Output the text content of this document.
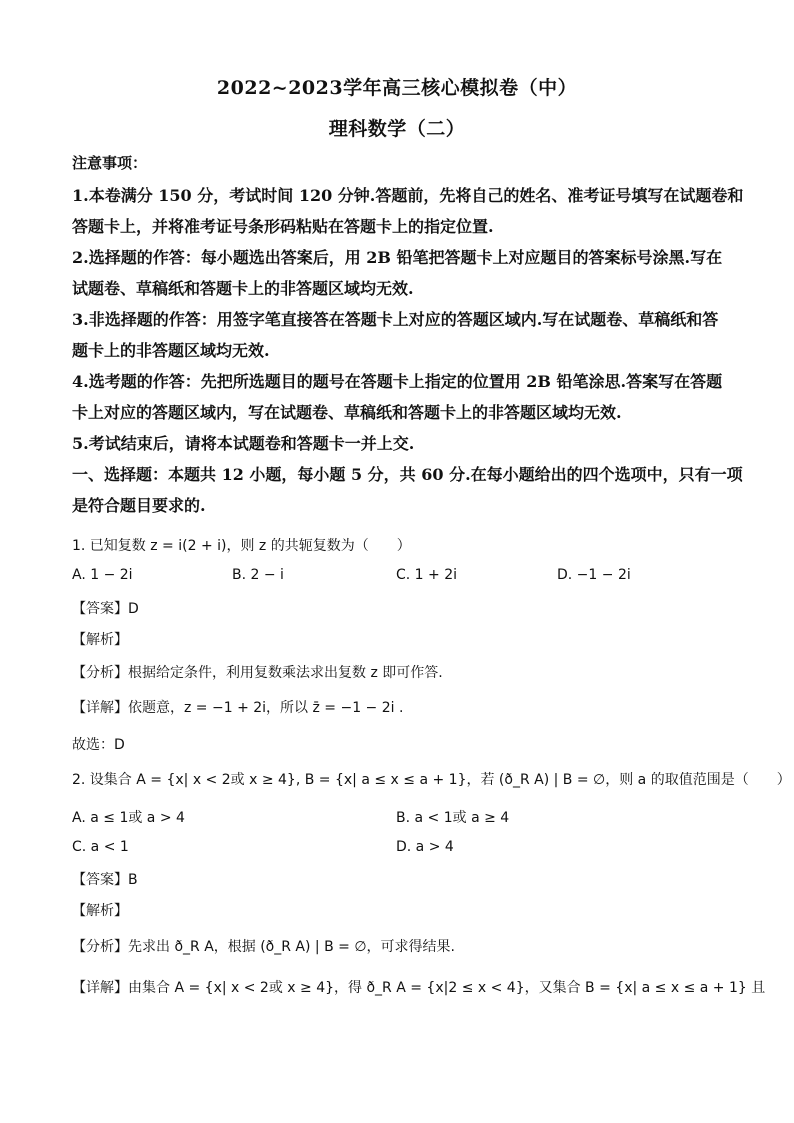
2022~2023学年高三核心模拟卷（中）
理科数学（二）
注意事项：
1.本卷满分 150 分，考试时间 120 分钟.答题前，先将自己的姓名、准考证号填写在试题卷和
答题卡上，并将准考证号条形码粘贴在答题卡上的指定位置.
2.选择题的作答：每小题选出答案后，用 2B 铅笔把答题卡上对应题目的答案标号涂黑.写在
试题卷、草稿纸和答题卡上的非答题区域均无效.
3.非选择题的作答：用签字笔直接答在答题卡上对应的答题区域内.写在试题卷、草稿纸和答
题卡上的非答题区域均无效.
4.选考题的作答：先把所选题目的题号在答题卡上指定的位置用 2B 铅笔涂思.答案写在答题
卡上对应的答题区域内，写在试题卷、草稿纸和答题卡上的非答题区域均无效.
5.考试结束后，请将本试题卷和答题卡一并上交.
一、选择题：本题共 12 小题，每小题 5 分，共 60 分.在每小题给出的四个选项中，只有一项
是符合题目要求的.
1. 已知复数 z = i(2 + i)，则 z 的共轭复数为（　　）
A. 1 − 2i	B. 2 − i	C. 1 + 2i	D. −1 − 2i
【答案】D
【解析】
【分析】根据给定条件，利用复数乘法求出复数 z 即可作答.
【详解】依题意，z = −1 + 2i，所以 z̄ = −1 − 2i .
故选：D
2. 设集合 A = {x| x < 2或 x ≥ 4}, B = {x| a ≤ x ≤ a + 1}，若 (ð_R A) | B = ∅，则 a 的取值范围是（　　）
A. a ≤ 1或 a > 4	B. a < 1或 a ≥ 4
C. a < 1	D. a > 4
【答案】B
【解析】
【分析】先求出 ð_R A，根据 (ð_R A) | B = ∅，可求得结果.
【详解】由集合 A = {x| x < 2或 x ≥ 4}，得 ð_R A = {x|2 ≤ x < 4}，又集合 B = {x| a ≤ x ≤ a + 1} 且
